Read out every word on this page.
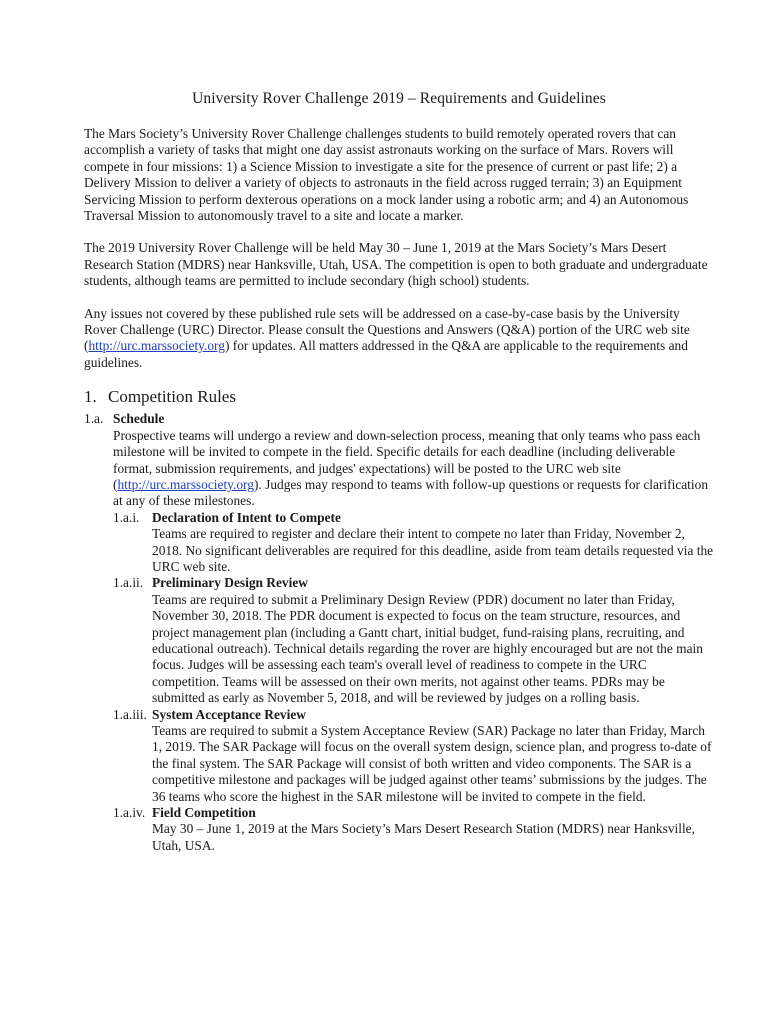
University Rover Challenge 2019 – Requirements and Guidelines

The Mars Society’s University Rover Challenge challenges students to build remotely operated rovers that can accomplish a variety of tasks that might one day assist astronauts working on the surface of Mars. Rovers will compete in four missions: 1) a Science Mission to investigate a site for the presence of current or past life; 2) a Delivery Mission to deliver a variety of objects to astronauts in the field across rugged terrain; 3) an Equipment Servicing Mission to perform dexterous operations on a mock lander using a robotic arm; and 4) an Autonomous Traversal Mission to autonomously travel to a site and locate a marker.

The 2019 University Rover Challenge will be held May 30 – June 1, 2019 at the Mars Society’s Mars Desert Research Station (MDRS) near Hanksville, Utah, USA. The competition is open to both graduate and undergraduate students, although teams are permitted to include secondary (high school) students.

Any issues not covered by these published rule sets will be addressed on a case-by-case basis by the University Rover Challenge (URC) Director. Please consult the Questions and Answers (Q&A) portion of the URC web site (http://urc.marssociety.org) for updates. All matters addressed in the Q&A are applicable to the requirements and guidelines.

1. Competition Rules
1.a. Schedule
Prospective teams will undergo a review and down-selection process, meaning that only teams who pass each milestone will be invited to compete in the field. Specific details for each deadline (including deliverable format, submission requirements, and judges' expectations) will be posted to the URC web site (http://urc.marssociety.org). Judges may respond to teams with follow-up questions or requests for clarification at any of these milestones.
1.a.i. Declaration of Intent to Compete
Teams are required to register and declare their intent to compete no later than Friday, November 2, 2018. No significant deliverables are required for this deadline, aside from team details requested via the URC web site.
1.a.ii. Preliminary Design Review
Teams are required to submit a Preliminary Design Review (PDR) document no later than Friday, November 30, 2018. The PDR document is expected to focus on the team structure, resources, and project management plan (including a Gantt chart, initial budget, fund-raising plans, recruiting, and educational outreach). Technical details regarding the rover are highly encouraged but are not the main focus. Judges will be assessing each team's overall level of readiness to compete in the URC competition. Teams will be assessed on their own merits, not against other teams. PDRs may be submitted as early as November 5, 2018, and will be reviewed by judges on a rolling basis.
1.a.iii. System Acceptance Review
Teams are required to submit a System Acceptance Review (SAR) Package no later than Friday, March 1, 2019. The SAR Package will focus on the overall system design, science plan, and progress to-date of the final system. The SAR Package will consist of both written and video components. The SAR is a competitive milestone and packages will be judged against other teams’ submissions by the judges. The 36 teams who score the highest in the SAR milestone will be invited to compete in the field.
1.a.iv. Field Competition
May 30 – June 1, 2019 at the Mars Society’s Mars Desert Research Station (MDRS) near Hanksville, Utah, USA.
